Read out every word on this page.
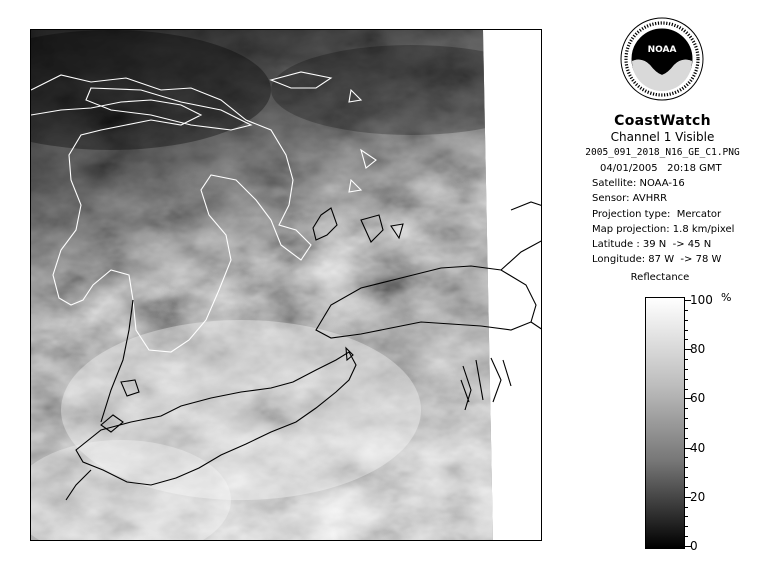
NOAA
CoastWatch
Channel 1 Visible
2005_091_2018_N16_GE_C1.PNG
04/01/2005   20:18 GMT
Satellite: NOAA-16
Sensor: AVHRR
Projection type:  Mercator
Map projection: 1.8 km/pixel
Latitude : 39 N  -> 45 N
Longitude: 87 W  -> 78 W
Reflectance
%
100
80
60
40
20
0
